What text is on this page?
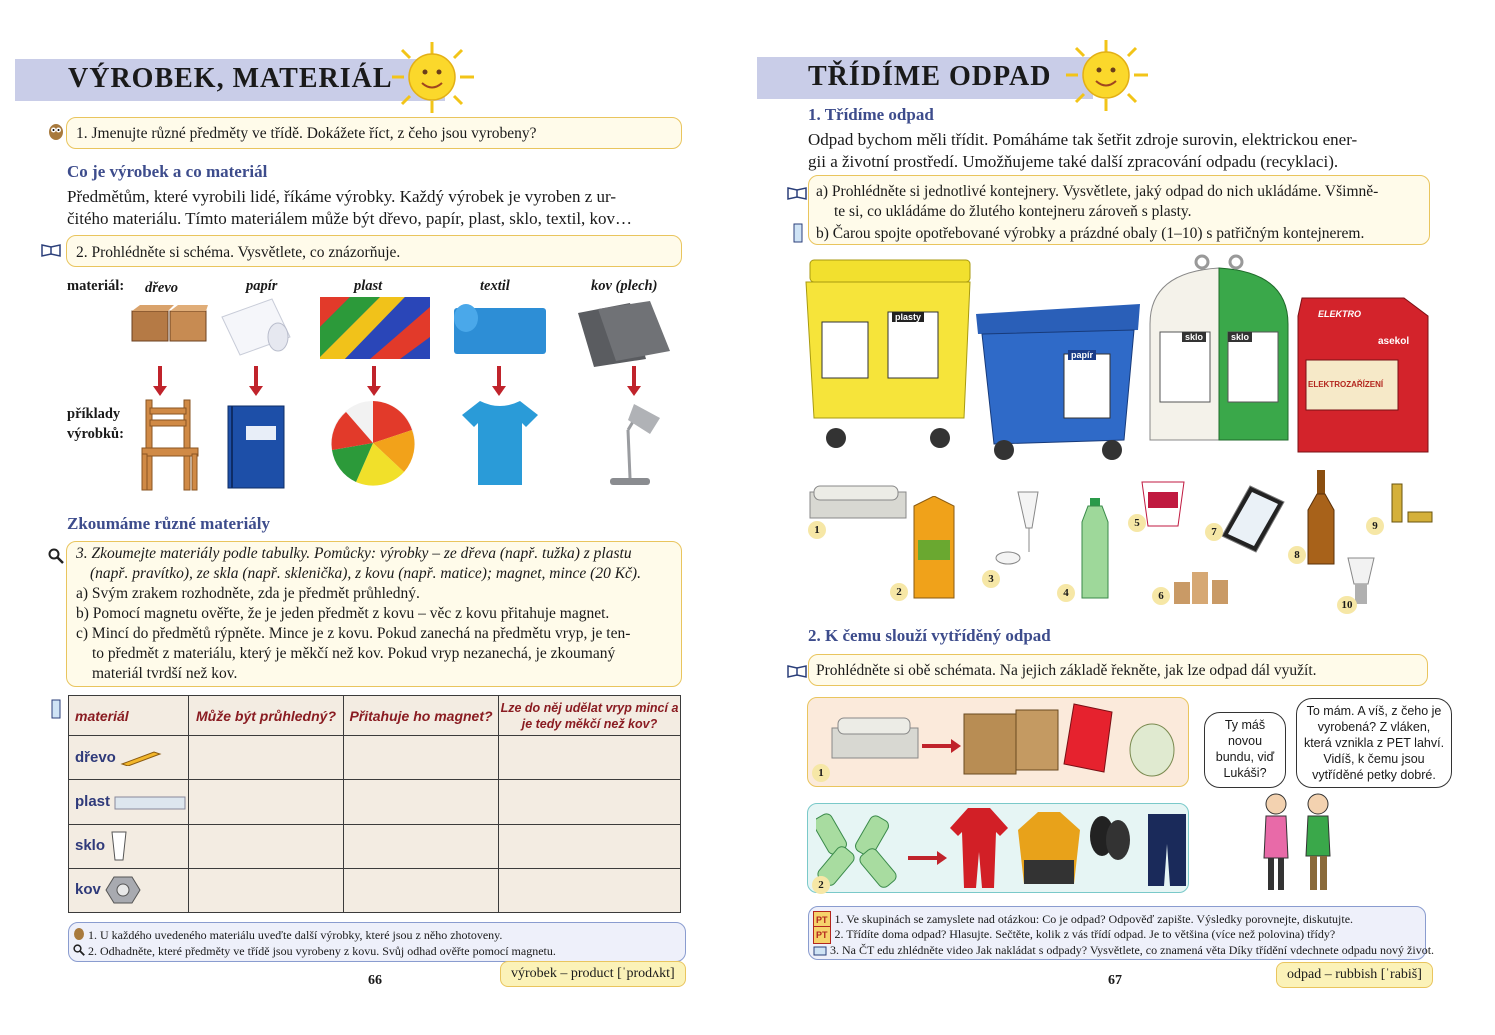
VÝROBEK, MATERIÁL
1. Jmenujte různé předměty ve třídě. Dokážete říct, z čeho jsou vyrobeny?
Co je výrobek a co materiál
Předmětům, které vyrobili lidé, říkáme výrobky. Každý výrobek je vyroben z ur-
čitého materiálu. Tímto materiálem může být dřevo, papír, plast, sklo, textil, kov…
2. Prohlédněte si schéma. Vysvětlete, co znázorňuje.
materiál: dřevo	papír	plast	textil	kov (plech)
příklady
výrobků:
Zkoumáme různé materiály
3. Zkoumejte materiály podle tabulky. Pomůcky: výrobky – ze dřeva (např. tužka) z plastu
(např. pravítko), ze skla (např. sklenička), z kovu (např. matice); magnet, mince (20 Kč).
a) Svým zrakem rozhodněte, zda je předmět průhledný.
b) Pomocí magnetu ověřte, že je jeden předmět z kovu – věc z kovu přitahuje magnet.
c) Mincí do předmětů rýpněte. Mince je z kovu. Pokud zanechá na předmětu vryp, je ten-
to předmět z materiálu, který je měkčí než kov. Pokud vryp nezanechá, je zkoumaný
materiál tvrdší než kov.
materiál	Může být průhledný?	Přitahuje ho magnet?	Lze do něj udělat vryp mincí a je tedy měkčí než kov?
dřevo			
plast			
sklo			
kov			
1. U každého uvedeného materiálu uveďte další výrobky, které jsou z něho zhotoveny.
2. Odhadněte, které předměty ve třídě jsou vyrobeny z kovu. Svůj odhad ověřte pomocí magnetu.
66	výrobek – product [ˈprodʌkt]
TŘÍDÍME ODPAD
1. Třídíme odpad
Odpad bychom měli třídit. Pomáháme tak šetřit zdroje surovin, elektrickou ener-
gii a životní prostředí. Umožňujeme také další zpracování odpadu (recyklaci).
a) Prohlédněte si jednotlivé kontejnery. Vysvětlete, jaký odpad do nich ukládáme. Všimně-
te si, co ukládáme do žlutého kontejneru zároveň s plasty.
b) Čarou spojte opotřebované výrobky a prázdné obaly (1–10) s patřičným kontejnerem.
plasty
papír
sklo	sklo
ELEKTRO
ELEKTROZAŘÍZENÍ
asekol
1
2
3
4
5
6
7
8
9
10
2. K čemu slouží vytříděný odpad
Prohlédněte si obě schémata. Na jejich základě řekněte, jak lze odpad dál využít.
1
2
Ty máš novou bundu, viď Lukáši?
To mám. A víš, z čeho je vyrobená? Z vláken, která vznikla z PET lahví. Vidíš, k čemu jsou vytříděné petky dobré.
PT 1. Ve skupinách se zamyslete nad otázkou: Co je odpad? Odpověď zapište. Výsledky porovnejte, diskutujte.
PT 2. Třídíte doma odpad? Hlasujte. Sečtěte, kolik z vás třídí odpad. Je to většina (více než polovina) třídy?
3. Na ČT edu zhlédněte video Jak nakládat s odpady? Vysvětlete, co znamená věta Díky třídění vdechnete odpadu nový život.
67	odpad – rubbish [ˈrabiš]
